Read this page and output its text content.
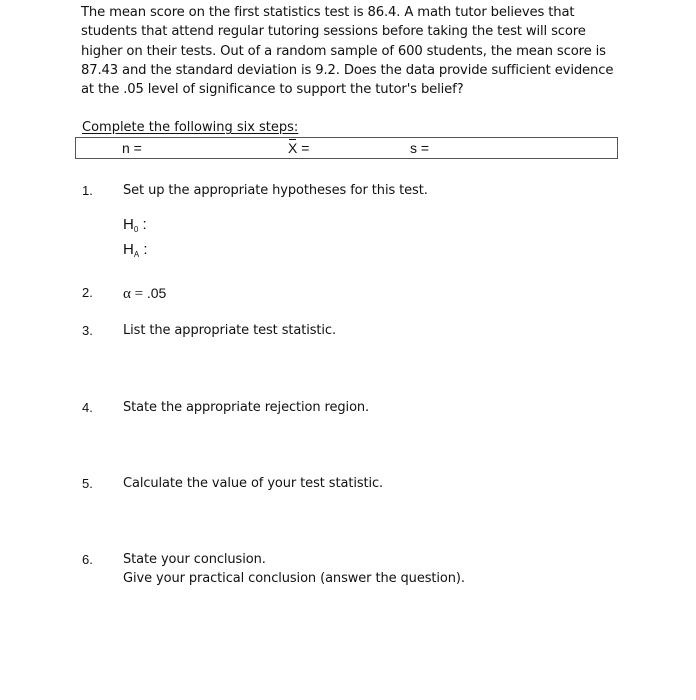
The mean score on the first statistics test is 86.4. A math tutor believes that
students that attend regular tutoring sessions before taking the test will score
higher on their tests. Out of a random sample of 600 students, the mean score is
87.43 and the standard deviation is 9.2. Does the data provide sufficient evidence
at the .05 level of significance to support the tutor's belief?
Complete the following six steps:
n =	X =	s =
1. Set up the appropriate hypotheses for this test.
$H_0$ :
$H_A$ :
2. α = .05
3. List the appropriate test statistic.
4. State the appropriate rejection region.
5. Calculate the value of your test statistic.
6. State your conclusion.
Give your practical conclusion (answer the question).
